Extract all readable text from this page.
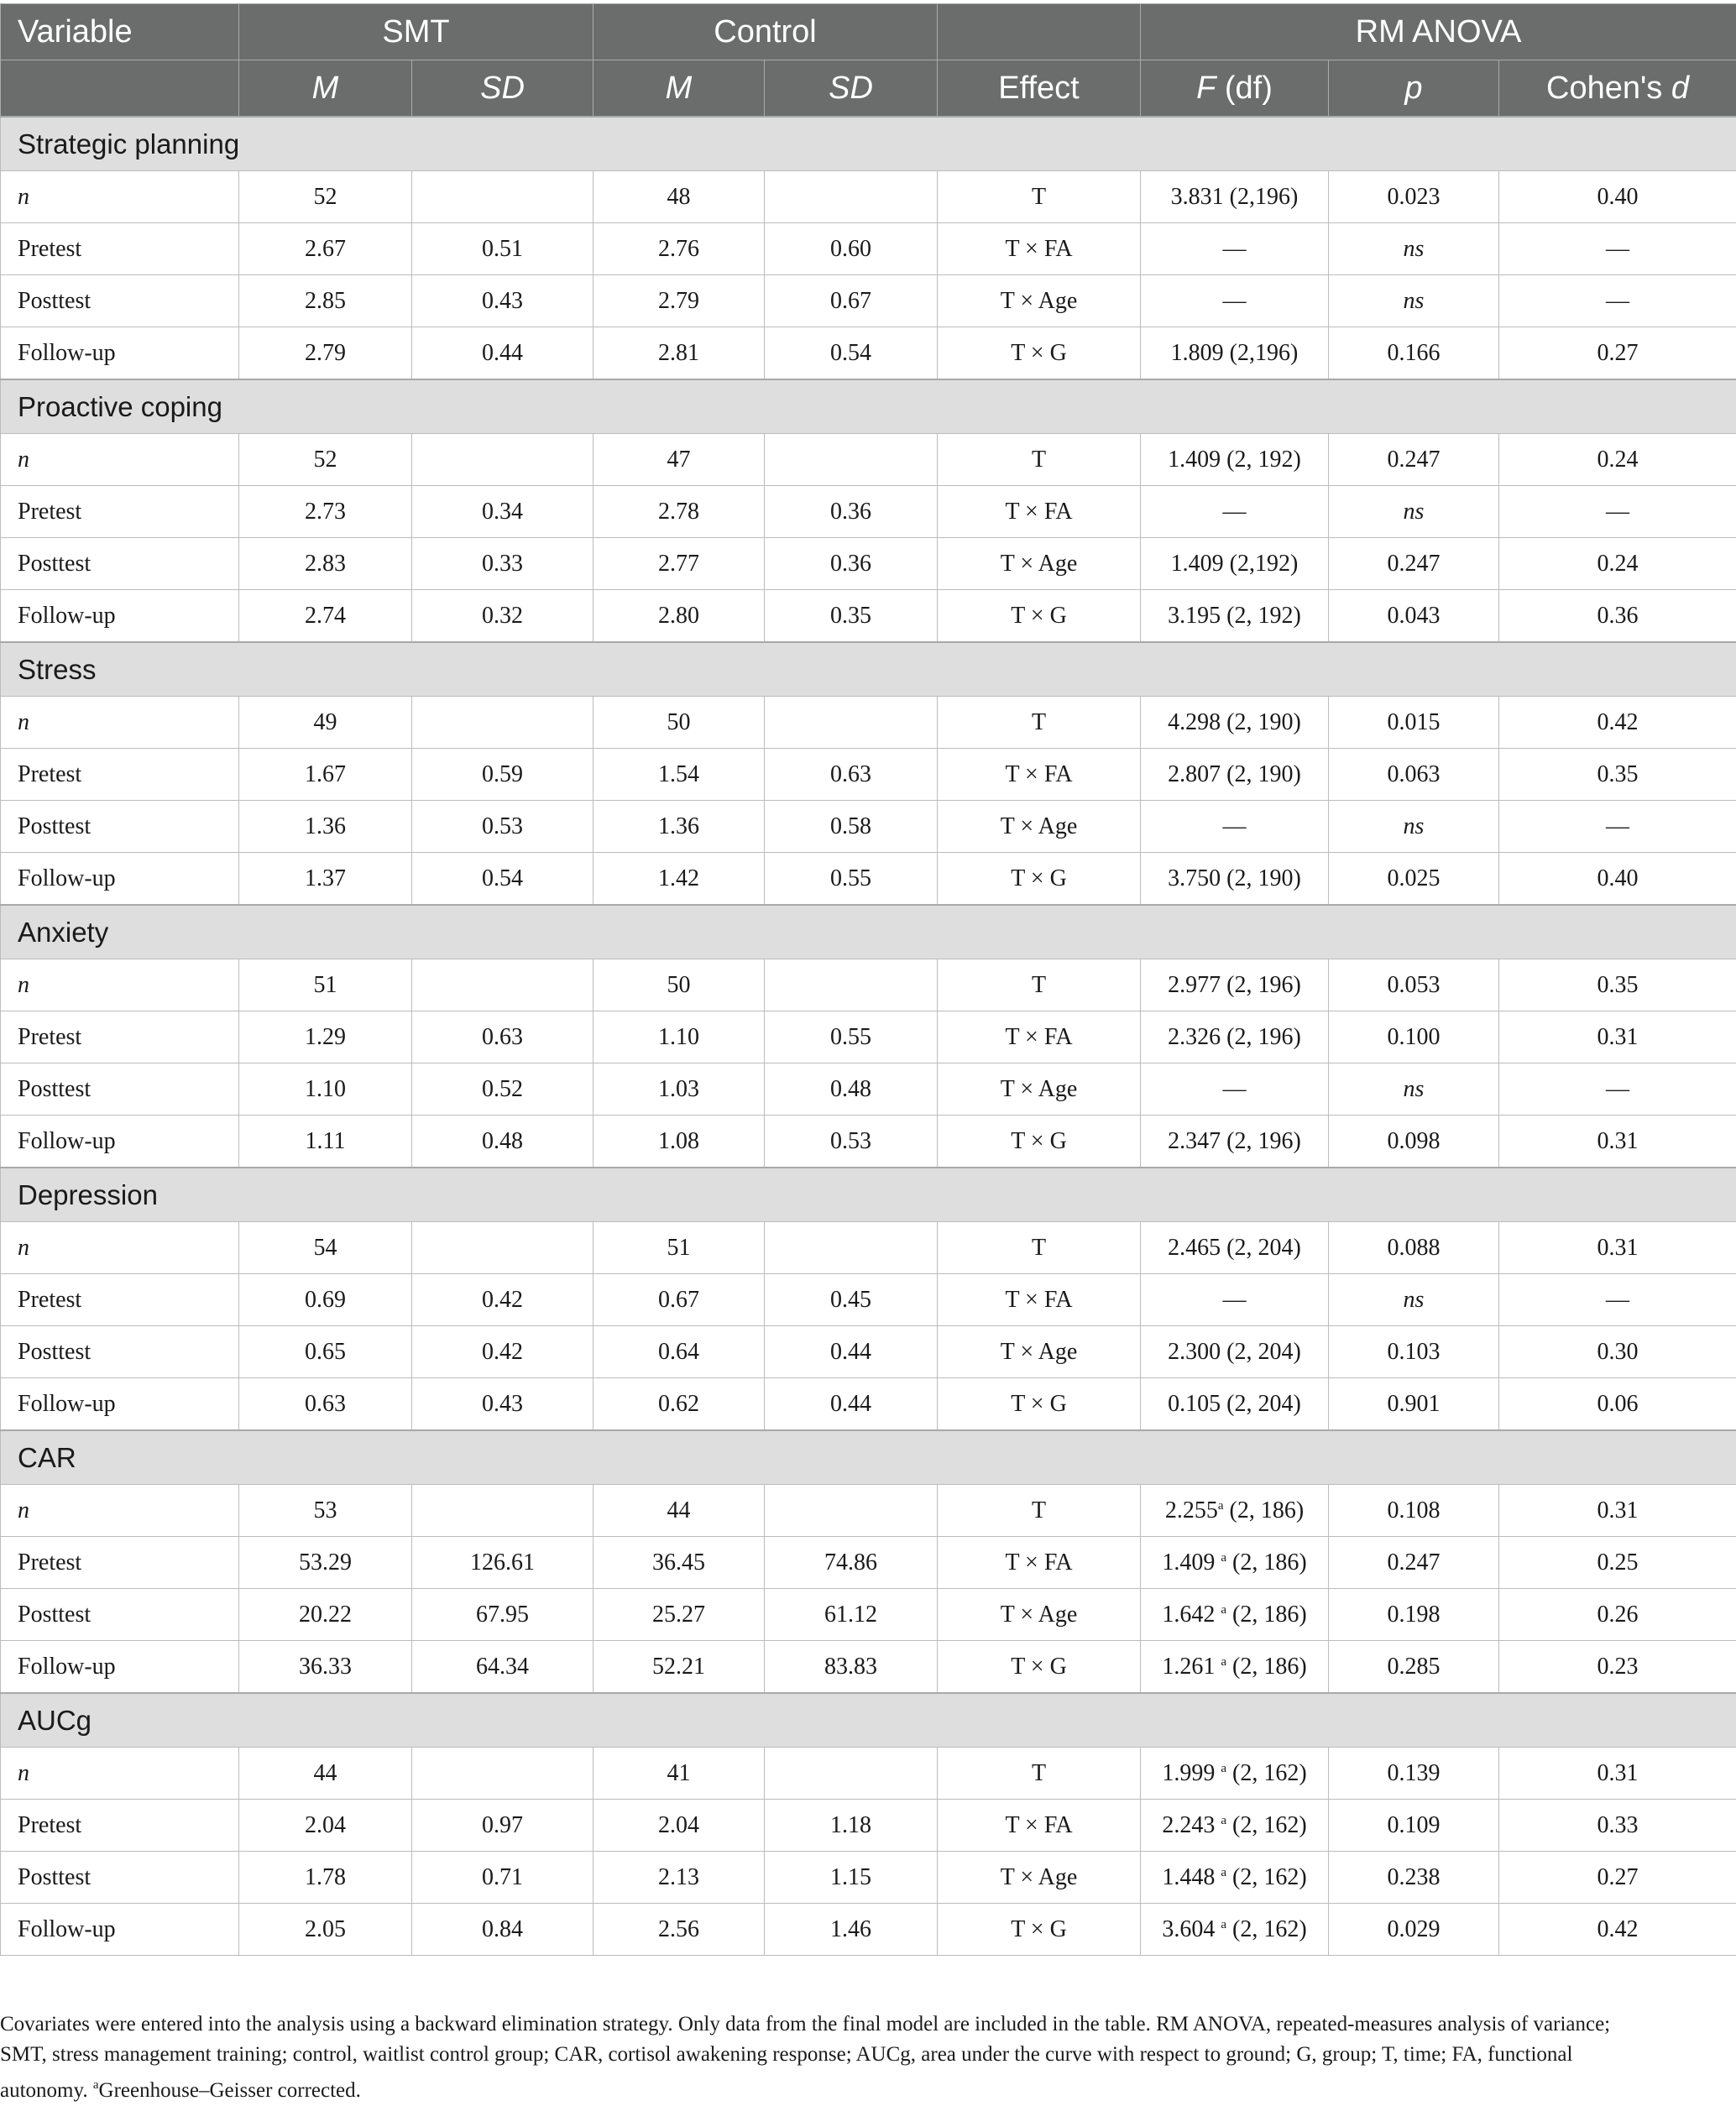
Variable	SMT		Control			RM ANOVA		
	M	SD	M	SD	Effect	F (df)	p	Cohen's d
Strategic planning								
n	52		48		T	3.831 (2,196)	0.023	0.40
Pretest	2.67	0.51	2.76	0.60	T × FA	—	ns	—
Posttest	2.85	0.43	2.79	0.67	T × Age	—	ns	—
Follow-up	2.79	0.44	2.81	0.54	T × G	1.809 (2,196)	0.166	0.27
Proactive coping								
n	52		47		T	1.409 (2, 192)	0.247	0.24
Pretest	2.73	0.34	2.78	0.36	T × FA	—	ns	—
Posttest	2.83	0.33	2.77	0.36	T × Age	1.409 (2,192)	0.247	0.24
Follow-up	2.74	0.32	2.80	0.35	T × G	3.195 (2, 192)	0.043	0.36
Stress								
n	49		50		T	4.298 (2, 190)	0.015	0.42
Pretest	1.67	0.59	1.54	0.63	T × FA	2.807 (2, 190)	0.063	0.35
Posttest	1.36	0.53	1.36	0.58	T × Age	—	ns	—
Follow-up	1.37	0.54	1.42	0.55	T × G	3.750 (2, 190)	0.025	0.40
Anxiety								
n	51		50		T	2.977 (2, 196)	0.053	0.35
Pretest	1.29	0.63	1.10	0.55	T × FA	2.326 (2, 196)	0.100	0.31
Posttest	1.10	0.52	1.03	0.48	T × Age	—	ns	—
Follow-up	1.11	0.48	1.08	0.53	T × G	2.347 (2, 196)	0.098	0.31
Depression								
n	54		51		T	2.465 (2, 204)	0.088	0.31
Pretest	0.69	0.42	0.67	0.45	T × FA	—	ns	—
Posttest	0.65	0.42	0.64	0.44	T × Age	2.300 (2, 204)	0.103	0.30
Follow-up	0.63	0.43	0.62	0.44	T × G	0.105 (2, 204)	0.901	0.06
CAR								
n	53		44		T	2.255$^a$ (2, 186)	0.108	0.31
Pretest	53.29	126.61	36.45	74.86	T × FA	1.409 $^a$ (2, 186)	0.247	0.25
Posttest	20.22	67.95	25.27	61.12	T × Age	1.642 $^a$ (2, 186)	0.198	0.26
Follow-up	36.33	64.34	52.21	83.83	T × G	1.261 $^a$ (2, 186)	0.285	0.23
AUCg								
n	44		41		T	1.999 $^a$ (2, 162)	0.139	0.31
Pretest	2.04	0.97	2.04	1.18	T × FA	2.243 $^a$ (2, 162)	0.109	0.33
Posttest	1.78	0.71	2.13	1.15	T × Age	1.448 $^a$ (2, 162)	0.238	0.27
Follow-up	2.05	0.84	2.56	1.46	T × G	3.604 $^a$ (2, 162)	0.029	0.42
Covariates were entered into the analysis using a backward elimination strategy. Only data from the final model are included in the table. RM ANOVA, repeated-measures analysis of variance;
SMT, stress management training; control, waitlist control group; CAR, cortisol awakening response; AUCg, area under the curve with respect to ground; G, group; T, time; FA, functional
autonomy. $^a$Greenhouse–Geisser corrected.
